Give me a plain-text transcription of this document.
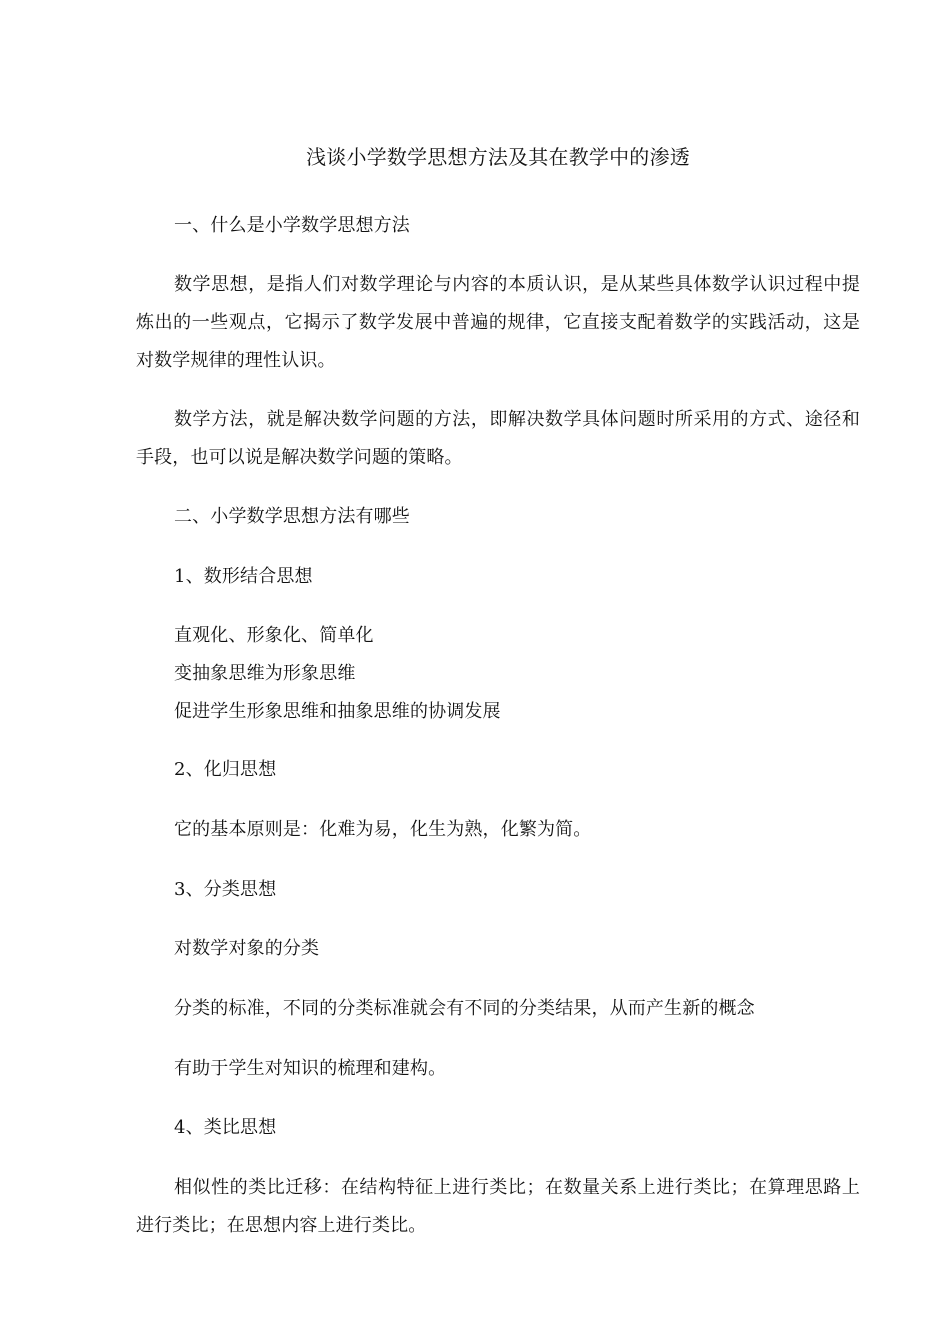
浅谈小学数学思想方法及其在教学中的渗透

一、什么是小学数学思想方法

数学思想，是指人们对数学理论与内容的本质认识，是从某些具体数学认识过程中提炼出的一些观点，它揭示了数学发展中普遍的规律，它直接支配着数学的实践活动，这是对数学规律的理性认识。

数学方法，就是解决数学问题的方法，即解决数学具体问题时所采用的方式、途径和手段，也可以说是解决数学问题的策略。

二、小学数学思想方法有哪些

1、数形结合思想

直观化、形象化、简单化

变抽象思维为形象思维

促进学生形象思维和抽象思维的协调发展

2、化归思想

它的基本原则是：化难为易，化生为熟，化繁为简。

3、分类思想

对数学对象的分类

分类的标准，不同的分类标准就会有不同的分类结果，从而产生新的概念

有助于学生对知识的梳理和建构。

4、类比思想

相似性的类比迁移：在结构特征上进行类比；在数量关系上进行类比；在算理思路上进行类比；在思想内容上进行类比。
